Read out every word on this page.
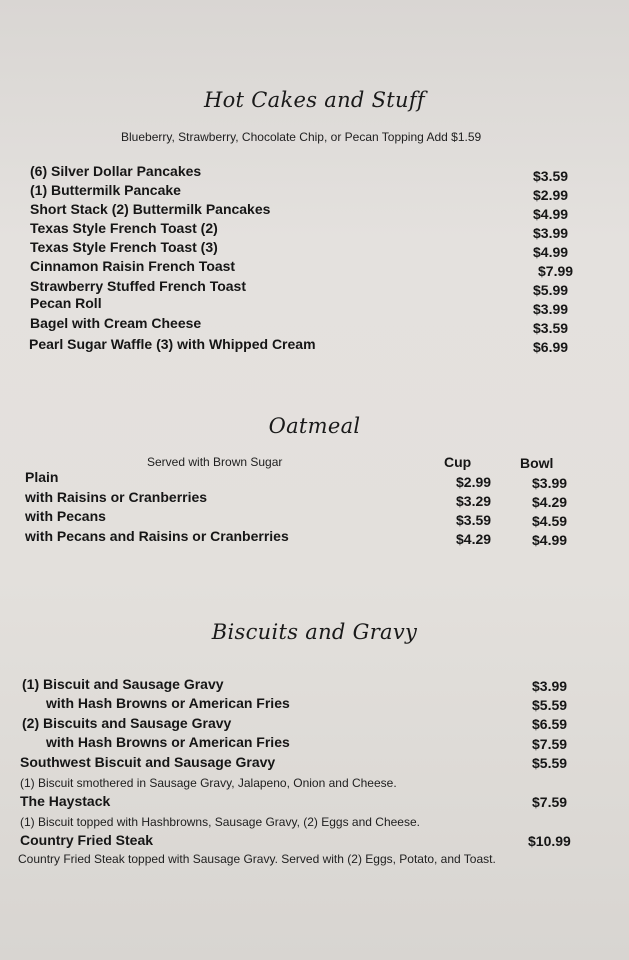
Hot Cakes and Stuff
Blueberry, Strawberry, Chocolate Chip, or Pecan Topping Add $1.59
(6) Silver Dollar Pancakes	$3.59
(1) Buttermilk Pancake	$2.99
Short Stack (2) Buttermilk Pancakes	$4.99
Texas Style French Toast (2)	$3.99
Texas Style French Toast (3)	$4.99
Cinnamon Raisin French Toast	$7.99
Strawberry Stuffed French Toast	$5.99
Pecan Roll	$3.99
Bagel with Cream Cheese	$3.59
Pearl Sugar Waffle (3) with Whipped Cream	$6.99
Oatmeal
Served with Brown Sugar	Cup	Bowl
Plain	$2.99	$3.99
with Raisins or Cranberries	$3.29	$4.29
with Pecans	$3.59	$4.59
with Pecans and Raisins or Cranberries	$4.29	$4.99
Biscuits and Gravy
(1) Biscuit and Sausage Gravy	$3.99
with Hash Browns or American Fries	$5.59
(2) Biscuits and Sausage Gravy	$6.59
with Hash Browns or American Fries	$7.59
Southwest Biscuit and Sausage Gravy	$5.59
(1) Biscuit smothered in Sausage Gravy, Jalapeno, Onion and Cheese.
The Haystack	$7.59
(1) Biscuit topped with Hashbrowns, Sausage Gravy, (2) Eggs and Cheese.
Country Fried Steak	$10.99
Country Fried Steak topped with Sausage Gravy. Served with (2) Eggs, Potato, and Toast.
